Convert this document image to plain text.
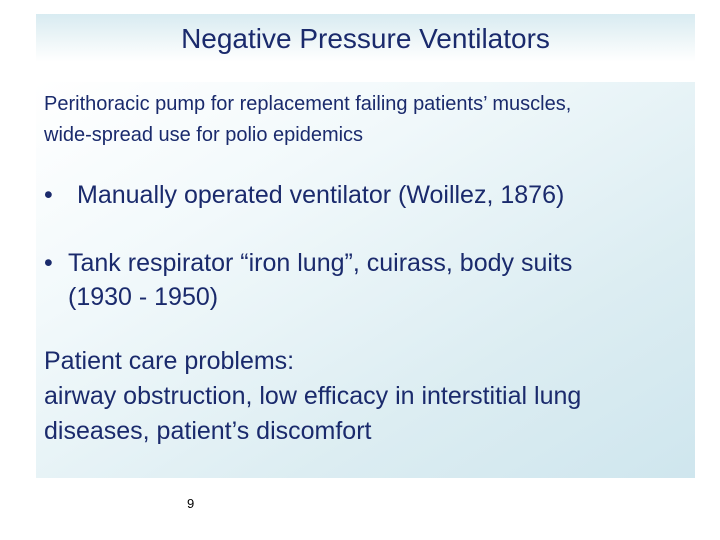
Negative Pressure Ventilators
Perithoracic pump for replacement failing patients’ muscles,
wide-spread use for polio epidemics
• Manually operated ventilator (Woillez, 1876)
• Tank respirator “iron lung”, cuirass, body suits
(1930 - 1950)
Patient care problems:
airway obstruction, low efficacy in interstitial lung
diseases, patient’s discomfort
9
